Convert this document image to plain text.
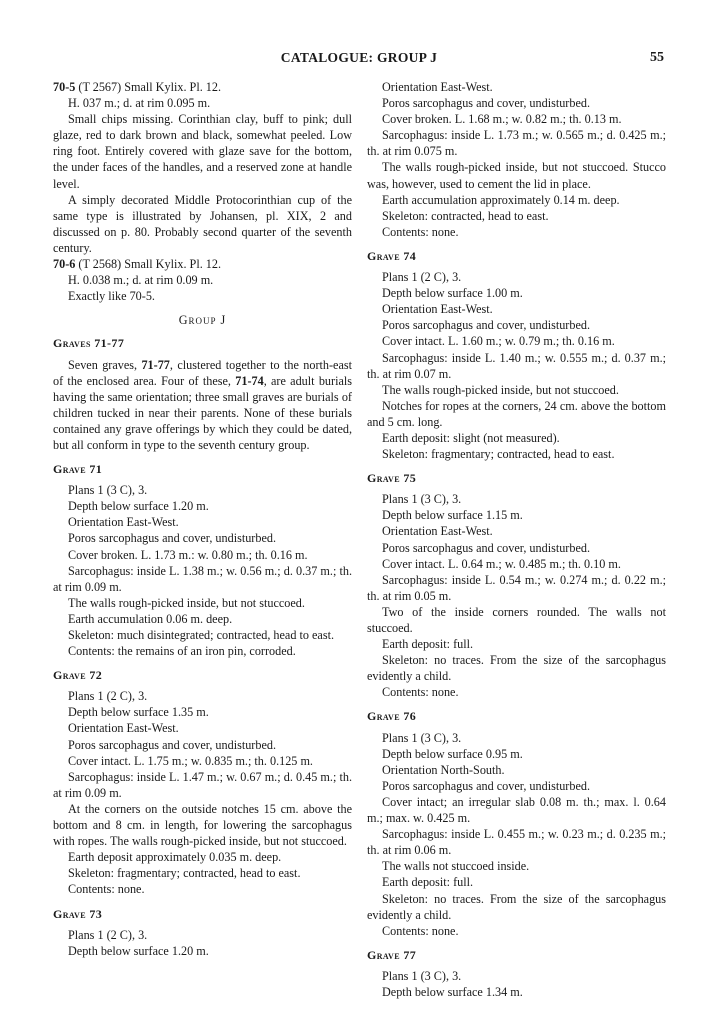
CATALOGUE: GROUP J	55

70-5 (T 2567) Small Kylix. Pl. 12.

H. 037 m.; d. at rim 0.095 m.

Small chips missing. Corinthian clay, buff to pink; dull glaze, red to dark brown and black, somewhat peeled. Low ring foot. Entirely covered with glaze save for the bottom, the under faces of the handles, and a reserved zone at handle level.

A simply decorated Middle Protocorinthian cup of the same type is illustrated by Johansen, pl. XIX, 2 and discussed on p. 80. Probably second quarter of the seventh century.

70-6 (T 2568) Small Kylix. Pl. 12.

H. 0.038 m.; d. at rim 0.09 m.

Exactly like 70-5.

Group J
Graves 71-77

Seven graves, 71-77, clustered together to the north-east of the enclosed area. Four of these, 71-74, are adult burials having the same orientation; three small graves are burials of children tucked in near their parents. None of these burials contained any grave offerings by which they could be dated, but all conform in type to the seventh century group.

Grave 71

Plans 1 (3 C), 3.

Depth below surface 1.20 m.

Orientation East-West.

Poros sarcophagus and cover, undisturbed.

Cover broken. L. 1.73 m.: w. 0.80 m.; th. 0.16 m.

Sarcophagus: inside L. 1.38 m.; w. 0.56 m.; d. 0.37 m.; th. at rim 0.09 m.

The walls rough-picked inside, but not stuccoed.

Earth accumulation 0.06 m. deep.

Skeleton: much disintegrated; contracted, head to east.

Contents: the remains of an iron pin, corroded.

Grave 72

Plans 1 (2 C), 3.

Depth below surface 1.35 m.

Orientation East-West.

Poros sarcophagus and cover, undisturbed.

Cover intact. L. 1.75 m.; w. 0.835 m.; th. 0.125 m.

Sarcophagus: inside L. 1.47 m.; w. 0.67 m.; d. 0.45 m.; th. at rim 0.09 m.

At the corners on the outside notches 15 cm. above the bottom and 8 cm. in length, for lowering the sarcophagus with ropes. The walls rough-picked inside, but not stuccoed.

Earth deposit approximately 0.035 m. deep.

Skeleton: fragmentary; contracted, head to east.

Contents: none.

Grave 73

Plans 1 (2 C), 3.

Depth below surface 1.20 m.

Orientation East-West.

Poros sarcophagus and cover, undisturbed.

Cover broken. L. 1.68 m.; w. 0.82 m.; th. 0.13 m.

Sarcophagus: inside L. 1.73 m.; w. 0.565 m.; d. 0.425 m.; th. at rim 0.075 m.

The walls rough-picked inside, but not stuccoed. Stucco was, however, used to cement the lid in place.

Earth accumulation approximately 0.14 m. deep.

Skeleton: contracted, head to east.

Contents: none.

Grave 74

Plans 1 (2 C), 3.

Depth below surface 1.00 m.

Orientation East-West.

Poros sarcophagus and cover, undisturbed.

Cover intact. L. 1.60 m.; w. 0.79 m.; th. 0.16 m.

Sarcophagus: inside L. 1.40 m.; w. 0.555 m.; d. 0.37 m.; th. at rim 0.07 m.

The walls rough-picked inside, but not stuccoed.

Notches for ropes at the corners, 24 cm. above the bottom and 5 cm. long.

Earth deposit: slight (not measured).

Skeleton: fragmentary; contracted, head to east.

Grave 75

Plans 1 (3 C), 3.

Depth below surface 1.15 m.

Orientation East-West.

Poros sarcophagus and cover, undisturbed.

Cover intact. L. 0.64 m.; w. 0.485 m.; th. 0.10 m.

Sarcophagus: inside L. 0.54 m.; w. 0.274 m.; d. 0.22 m.; th. at rim 0.05 m.

Two of the inside corners rounded. The walls not stuccoed.

Earth deposit: full.

Skeleton: no traces. From the size of the sarcophagus evidently a child.

Contents: none.

Grave 76

Plans 1 (3 C), 3.

Depth below surface 0.95 m.

Orientation North-South.

Poros sarcophagus and cover, undisturbed.

Cover intact; an irregular slab 0.08 m. th.; max. l. 0.64 m.; max. w. 0.425 m.

Sarcophagus: inside L. 0.455 m.; w. 0.23 m.; d. 0.235 m.; th. at rim 0.06 m.

The walls not stuccoed inside.

Earth deposit: full.

Skeleton: no traces. From the size of the sarcophagus evidently a child.

Contents: none.

Grave 77

Plans 1 (3 C), 3.

Depth below surface 1.34 m.
